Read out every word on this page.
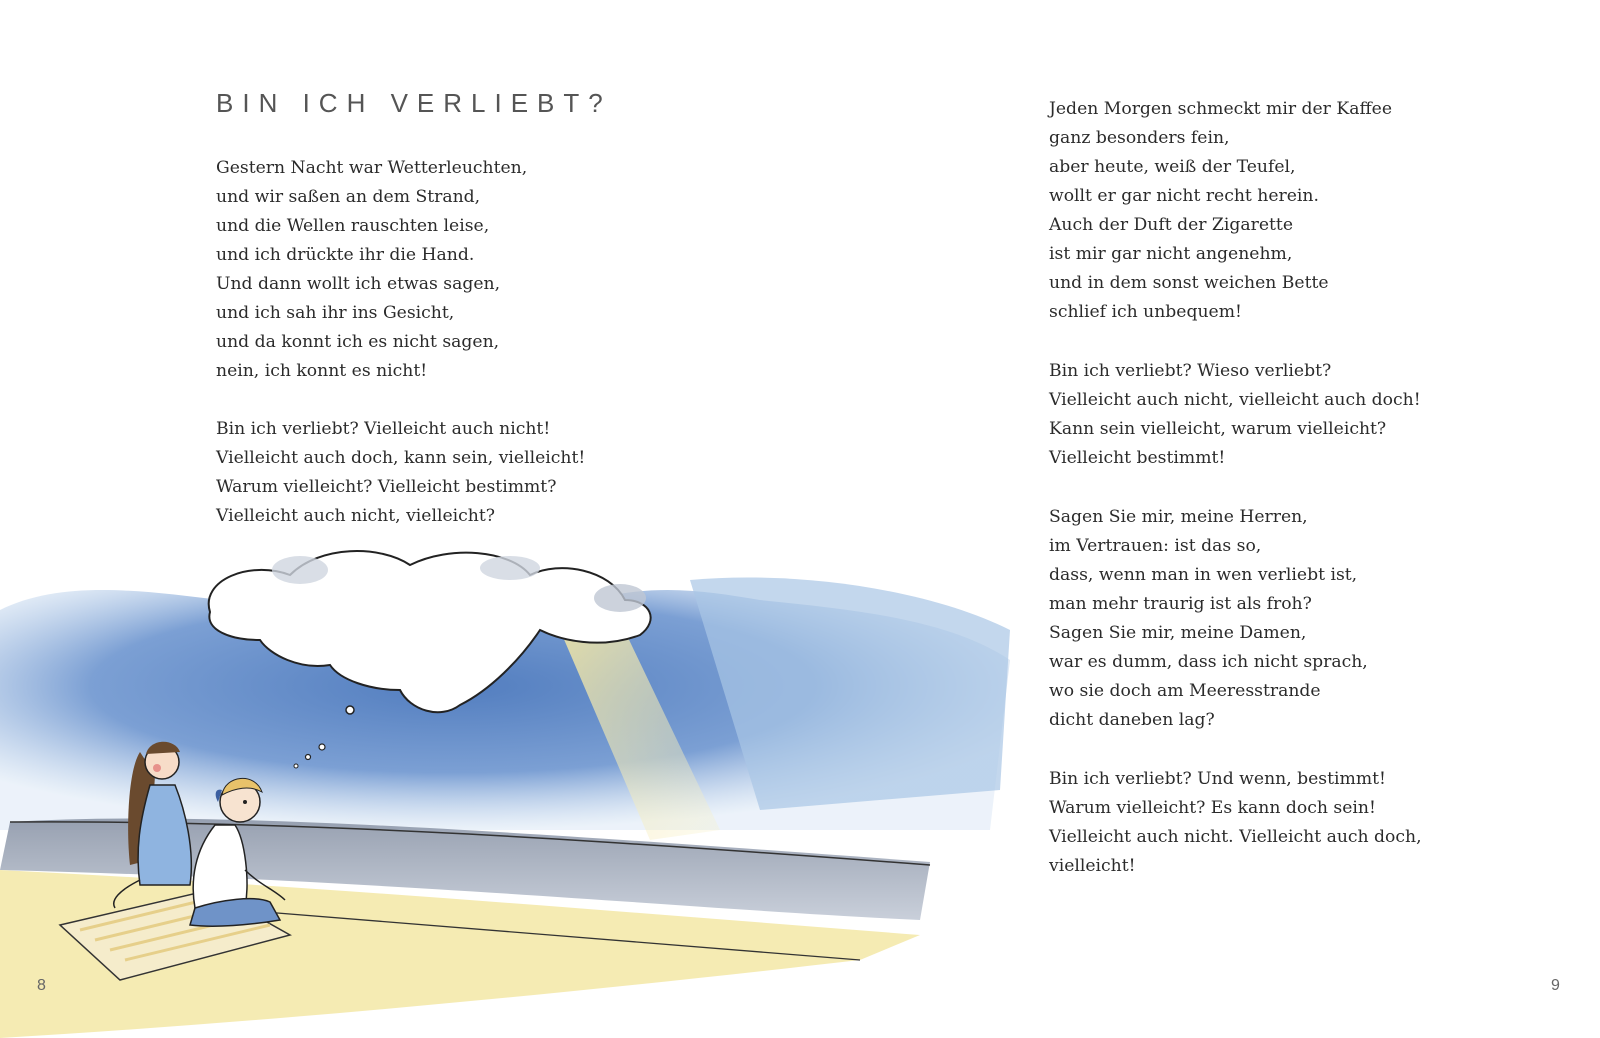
BIN ICH VERLIEBT?
Gestern Nacht war Wetterleuchten,
und wir saßen an dem Strand,
und die Wellen rauschten leise,
und ich drückte ihr die Hand.
Und dann wollt ich etwas sagen,
und ich sah ihr ins Gesicht,
und da konnt ich es nicht sagen,
nein, ich konnt es nicht!
Bin ich verliebt? Vielleicht auch nicht!
Vielleicht auch doch, kann sein, vielleicht!
Warum vielleicht? Vielleicht bestimmt?
Vielleicht auch nicht, vielleicht?
Jeden Morgen schmeckt mir der Kaffee
ganz besonders fein,
aber heute, weiß der Teufel,
wollt er gar nicht recht herein.
Auch der Duft der Zigarette
ist mir gar nicht angenehm,
und in dem sonst weichen Bette
schlief ich unbequem!
Bin ich verliebt? Wieso verliebt?
Vielleicht auch nicht, vielleicht auch doch!
Kann sein vielleicht, warum vielleicht?
Vielleicht bestimmt!
Sagen Sie mir, meine Herren,
im Vertrauen: ist das so,
dass, wenn man in wen verliebt ist,
man mehr traurig ist als froh?
Sagen Sie mir, meine Damen,
war es dumm, dass ich nicht sprach,
wo sie doch am Meeresstrande
dicht daneben lag?
Bin ich verliebt? Und wenn, bestimmt!
Warum vielleicht? Es kann doch sein!
Vielleicht auch nicht. Vielleicht auch doch,
vielleicht!
8	9
